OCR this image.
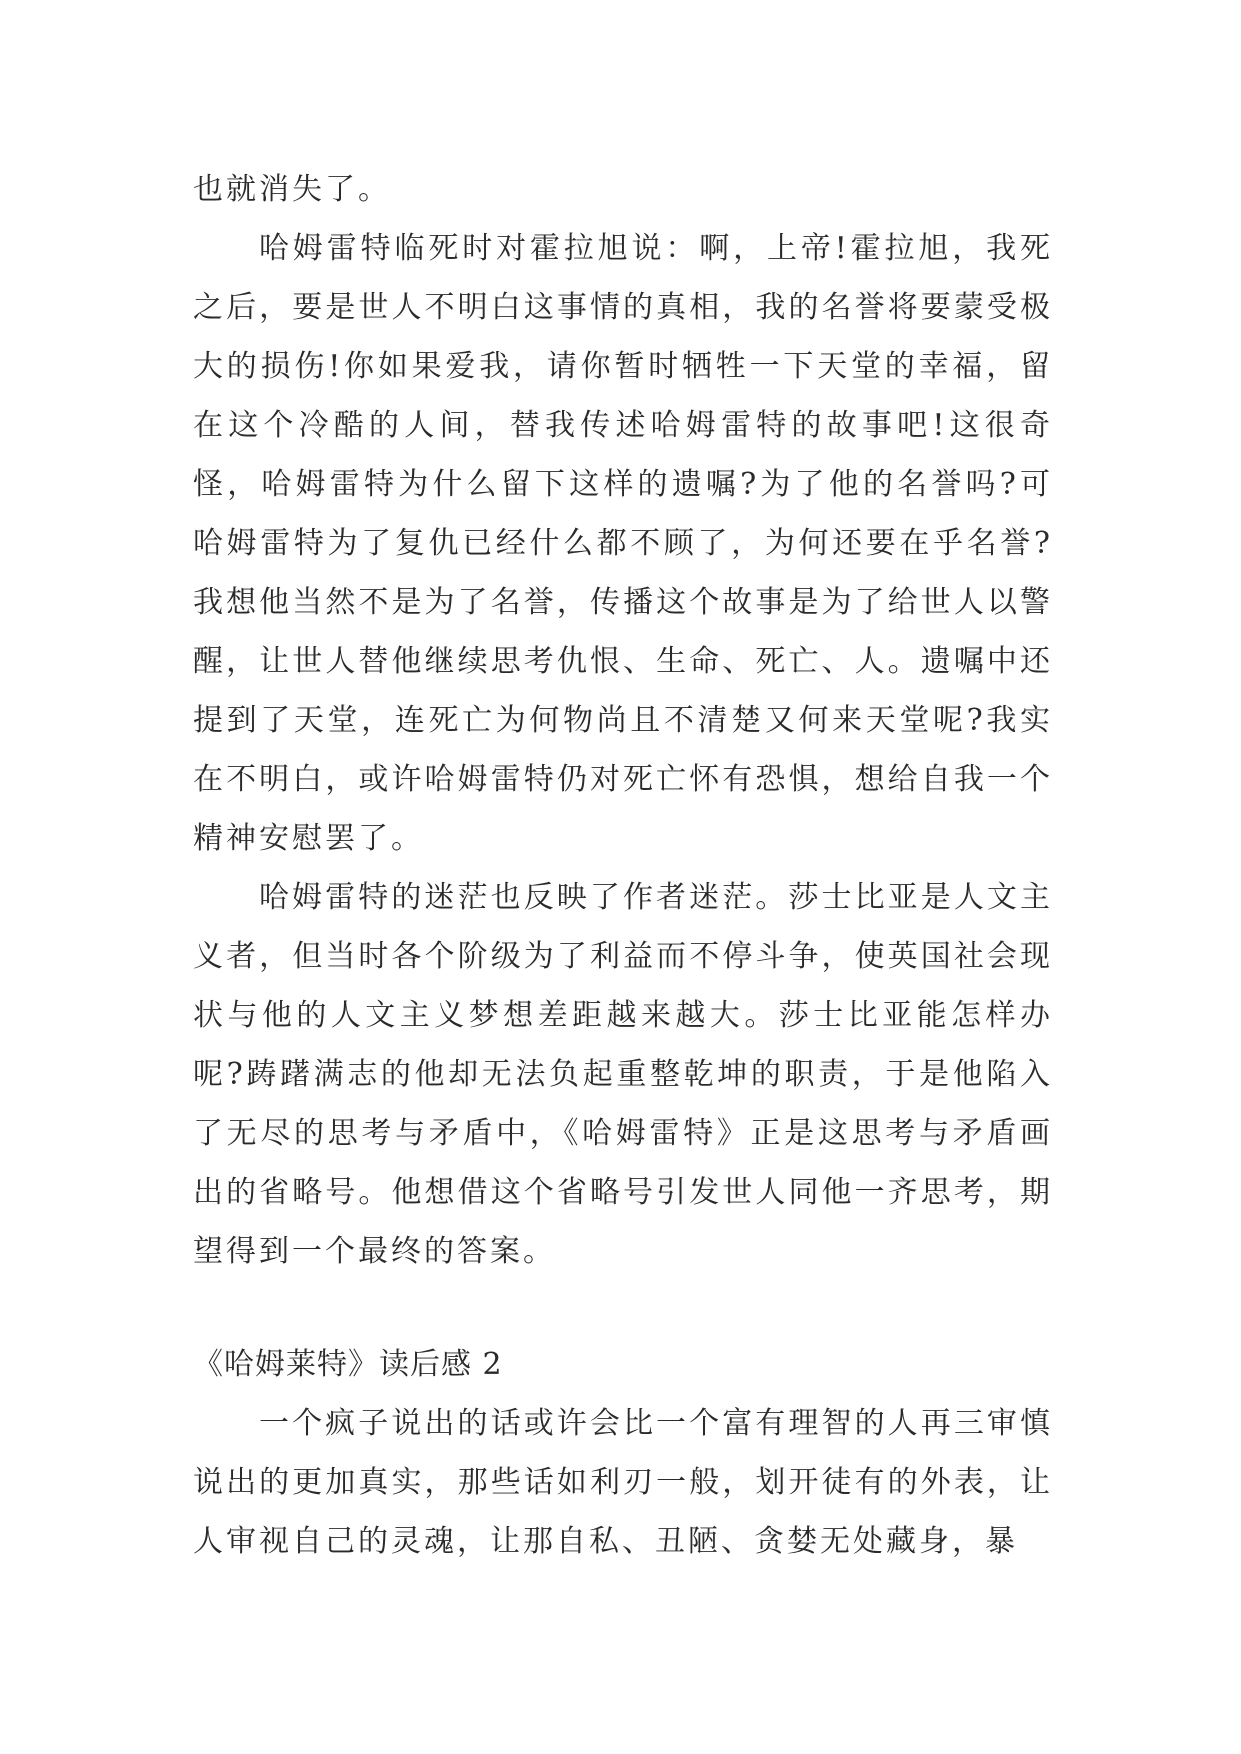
也就消失了。

哈姆雷特临死时对霍拉旭说：啊，上帝!霍拉旭，我死之后，要是世人不明白这事情的真相，我的名誉将要蒙受极大的损伤!你如果爱我，请你暂时牺牲一下天堂的幸福，留在这个冷酷的人间，替我传述哈姆雷特的故事吧!这很奇怪，哈姆雷特为什么留下这样的遗嘱?为了他的名誉吗?可哈姆雷特为了复仇已经什么都不顾了，为何还要在乎名誉?我想他当然不是为了名誉，传播这个故事是为了给世人以警醒，让世人替他继续思考仇恨、生命、死亡、人。遗嘱中还提到了天堂，连死亡为何物尚且不清楚又何来天堂呢?我实在不明白，或许哈姆雷特仍对死亡怀有恐惧，想给自我一个精神安慰罢了。

哈姆雷特的迷茫也反映了作者迷茫。莎士比亚是人文主义者，但当时各个阶级为了利益而不停斗争，使英国社会现状与他的人文主义梦想差距越来越大。莎士比亚能怎样办呢?踌躇满志的他却无法负起重整乾坤的职责，于是他陷入了无尽的思考与矛盾中，《哈姆雷特》正是这思考与矛盾画出的省略号。他想借这个省略号引发世人同他一齐思考，期望得到一个最终的答案。

《哈姆莱特》读后感 2

一个疯子说出的话或许会比一个富有理智的人再三审慎说出的更加真实，那些话如利刃一般，划开徒有的外表，让人审视自己的灵魂，让那自私、丑陋、贪婪无处藏身，暴
